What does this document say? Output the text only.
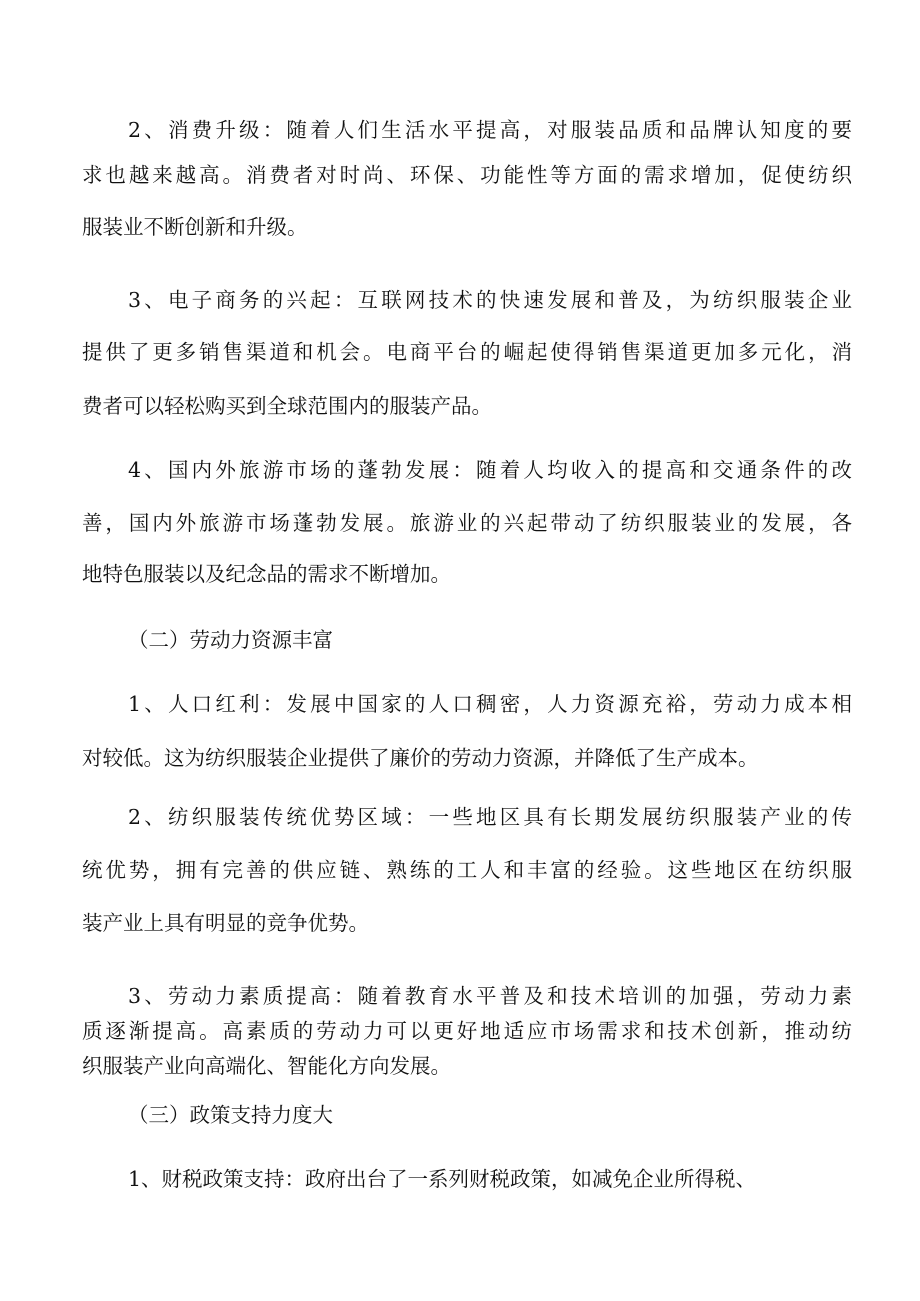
2、消费升级：随着人们生活水平提高，对服装品质和品牌认知度的要
求也越来越高。消费者对时尚、环保、功能性等方面的需求增加，促使纺织
服装业不断创新和升级。
3、电子商务的兴起：互联网技术的快速发展和普及，为纺织服装企业
提供了更多销售渠道和机会。电商平台的崛起使得销售渠道更加多元化，消
费者可以轻松购买到全球范围内的服装产品。
4、国内外旅游市场的蓬勃发展：随着人均收入的提高和交通条件的改
善，国内外旅游市场蓬勃发展。旅游业的兴起带动了纺织服装业的发展，各
地特色服装以及纪念品的需求不断增加。
（二）劳动力资源丰富
1、人口红利：发展中国家的人口稠密，人力资源充裕，劳动力成本相
对较低。这为纺织服装企业提供了廉价的劳动力资源，并降低了生产成本。
2、纺织服装传统优势区域：一些地区具有长期发展纺织服装产业的传
统优势，拥有完善的供应链、熟练的工人和丰富的经验。这些地区在纺织服
装产业上具有明显的竞争优势。
3、劳动力素质提高：随着教育水平普及和技术培训的加强，劳动力素
质逐渐提高。高素质的劳动力可以更好地适应市场需求和技术创新，推动纺
织服装产业向高端化、智能化方向发展。
（三）政策支持力度大
1、财税政策支持：政府出台了一系列财税政策，如减免企业所得税、
